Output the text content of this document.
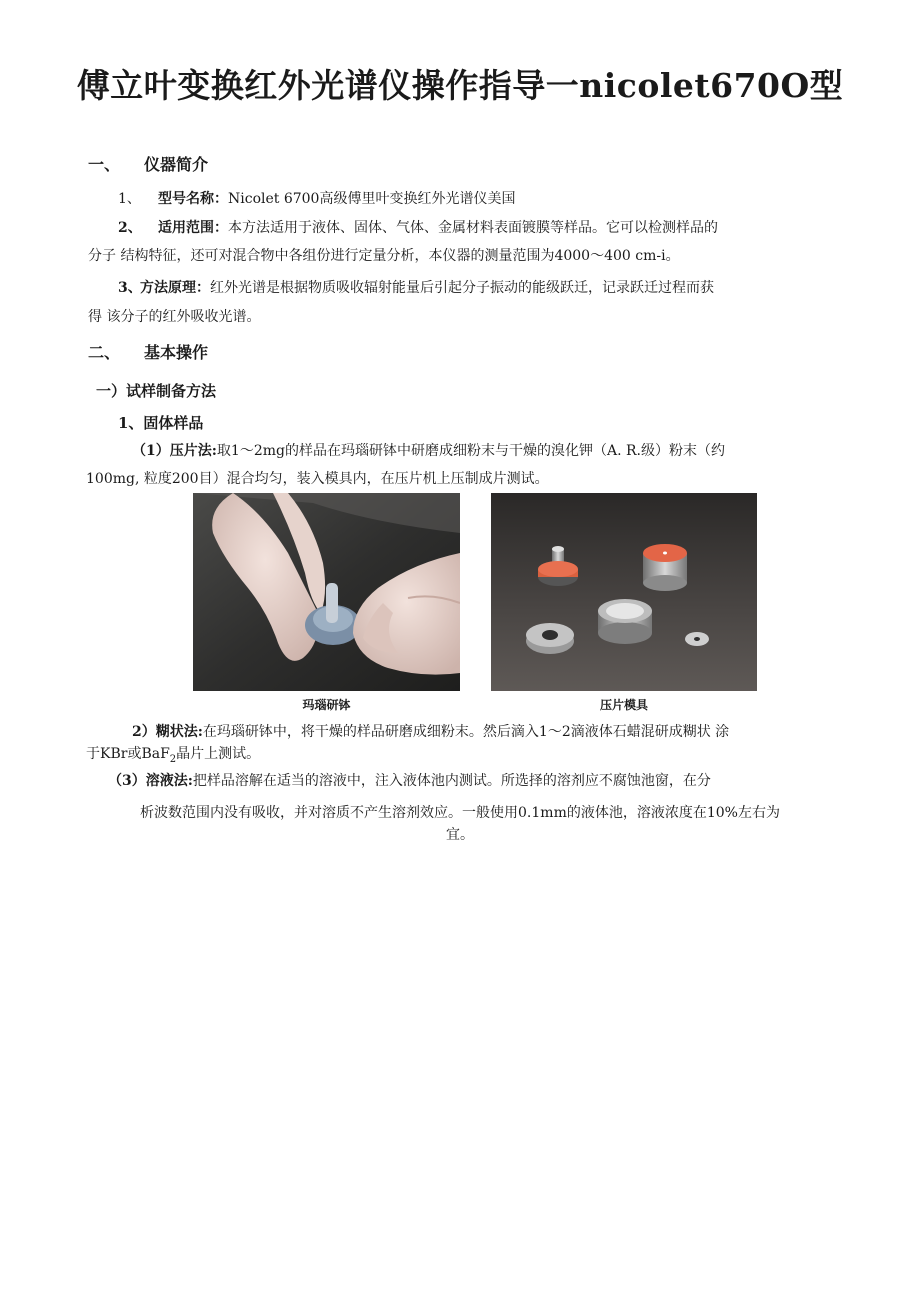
傅立叶变换红外光谱仪操作指导一nicolet670O型
一、 仪器简介
1、 型号名称：Nicolet 6700高级傅里叶变换红外光谱仪美国
2、 适用范围：本方法适用于液体、固体、气体、金属材料表面镀膜等样品。它可以检测样品的
分子 结构特征，还可对混合物中各组份进行定量分析，本仪器的测量范围为4000〜400 cm-i。
3、方法原理：红外光谱是根据物质吸收辐射能量后引起分子振动的能级跃迁，记录跃迁过程而获
得 该分子的红外吸收光谱。
二、 基本操作
一）试样制备方法
1、固体样品
（1）压片法:取1〜2mg的样品在玛瑙研钵中研磨成细粉末与干燥的溴化钾（A. R.级）粉末（约
100mg, 粒度200目）混合均匀，装入模具内，在压片机上压制成片测试。
玛瑙研钵	压片模具
2）糊状法:在玛瑙研钵中，将干燥的样品研磨成细粉末。然后滴入1〜2滴液体石蜡混研成糊状 涂
于KBr或BaF$_2$晶片上测试。
（3）溶液法:把样品溶解在适当的溶液中，注入液体池内测试。所选择的溶剂应不腐蚀池窗，在分
析波数范围内没有吸收，并对溶质不产生溶剂效应。一般使用0.1mm的液体池，溶液浓度在10%左右为
宜。
